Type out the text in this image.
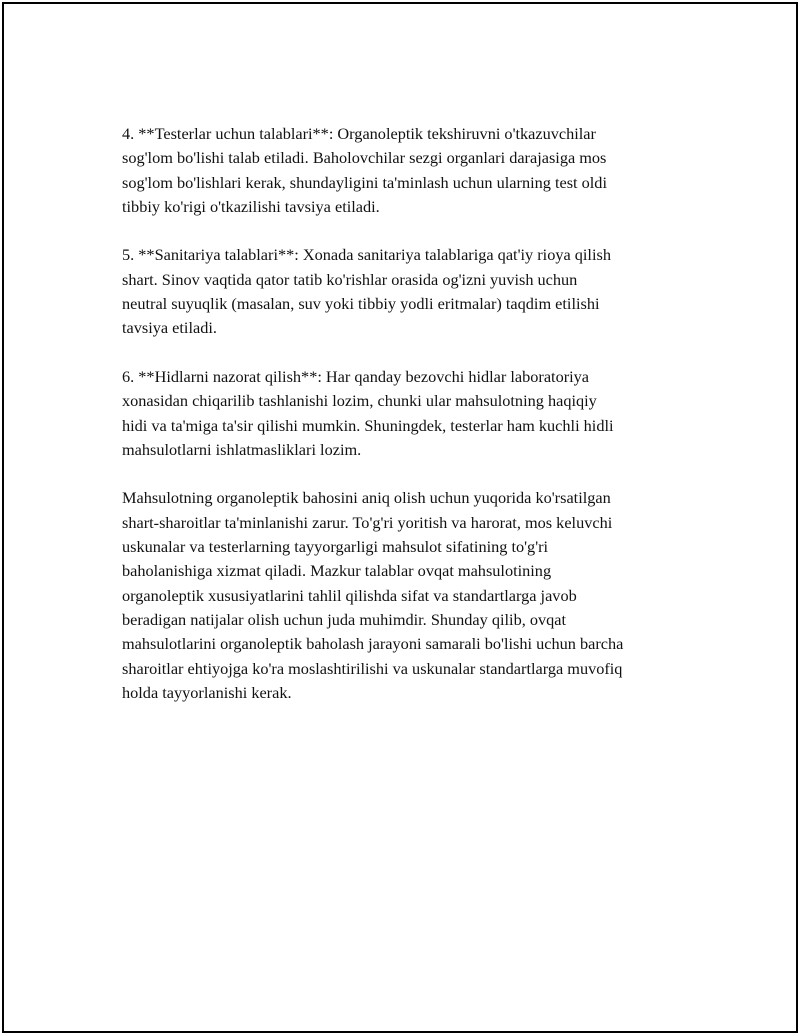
4. **Testerlar uchun talablari**: Organoleptik tekshiruvni o'tkazuvchilar
sog'lom bo'lishi talab etiladi. Baholovchilar sezgi organlari darajasiga mos
sog'lom bo'lishlari kerak, shundayligini ta'minlash uchun ularning test oldi
tibbiy ko'rigi o'tkazilishi tavsiya etiladi.

5. **Sanitariya talablari**: Xonada sanitariya talablariga qat'iy rioya qilish
shart. Sinov vaqtida qator tatib ko'rishlar orasida og'izni yuvish uchun
neutral suyuqlik (masalan, suv yoki tibbiy yodli eritmalar) taqdim etilishi
tavsiya etiladi.

6. **Hidlarni nazorat qilish**: Har qanday bezovchi hidlar laboratoriya
xonasidan chiqarilib tashlanishi lozim, chunki ular mahsulotning haqiqiy
hidi va ta'miga ta'sir qilishi mumkin. Shuningdek, testerlar ham kuchli hidli
mahsulotlarni ishlatmasliklari lozim.

Mahsulotning organoleptik bahosini aniq olish uchun yuqorida ko'rsatilgan
shart-sharoitlar ta'minlanishi zarur. To'g'ri yoritish va harorat, mos keluvchi
uskunalar va testerlarning tayyorgarligi mahsulot sifatining to'g'ri
baholanishiga xizmat qiladi. Mazkur talablar ovqat mahsulotining
organoleptik xususiyatlarini tahlil qilishda sifat va standartlarga javob
beradigan natijalar olish uchun juda muhimdir. Shunday qilib, ovqat
mahsulotlarini organoleptik baholash jarayoni samarali bo'lishi uchun barcha
sharoitlar ehtiyojga ko'ra moslashtirilishi va uskunalar standartlarga muvofiq
holda tayyorlanishi kerak.
